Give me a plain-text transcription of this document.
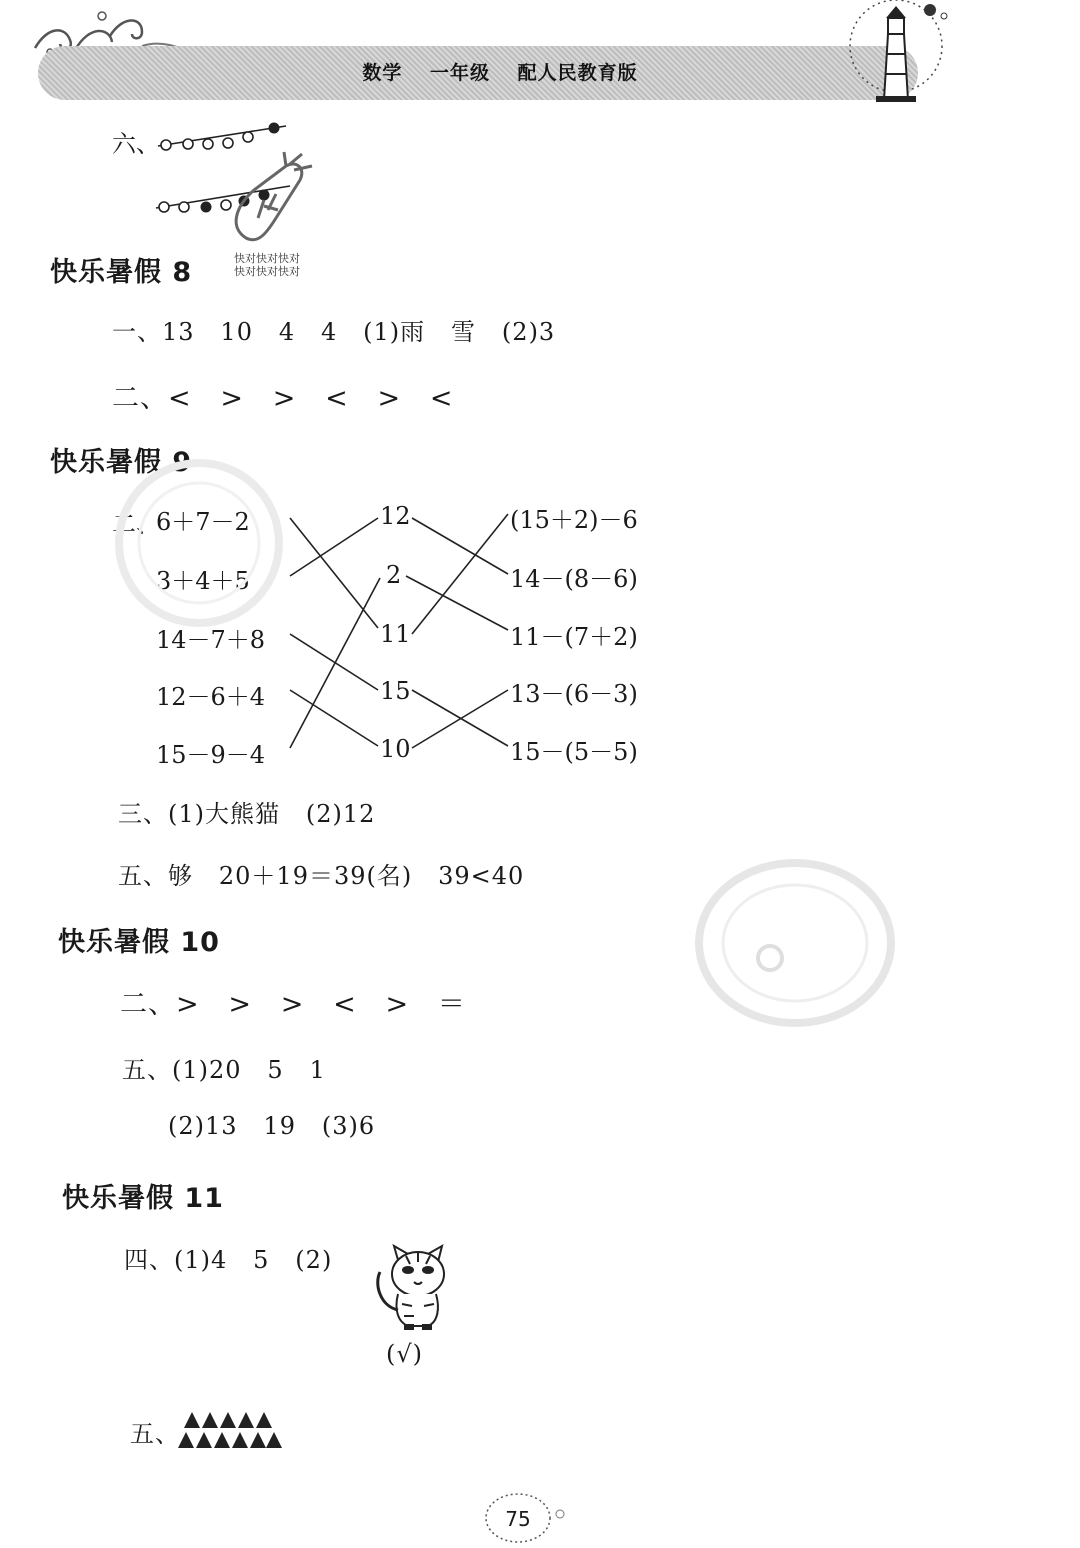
数学 一年级 配人民教育版
六、
快对快对快对
快对快对快对
快乐暑假 8
一、13   10   4   4   (1)雨   雪   (2)3
二、<   >   >   <   >   <
快乐暑假 9
二、
6＋7－2
3＋4＋5
14－7＋8
12－6＋4
15－9－4
12
2
11
15
10
(15＋2)－6
14－(8－6)
11－(7＋2)
13－(6－3)
15－(5－5)
三、(1)大熊猫   (2)12
五、够   20＋19＝39(名)   39<40
快乐暑假 10
二、>   >   >   <   >   ＝
五、(1)20   5   1
(2)13   19   (3)6
快乐暑假 11
四、(1)4   5   (2)
(√)
五、
75
